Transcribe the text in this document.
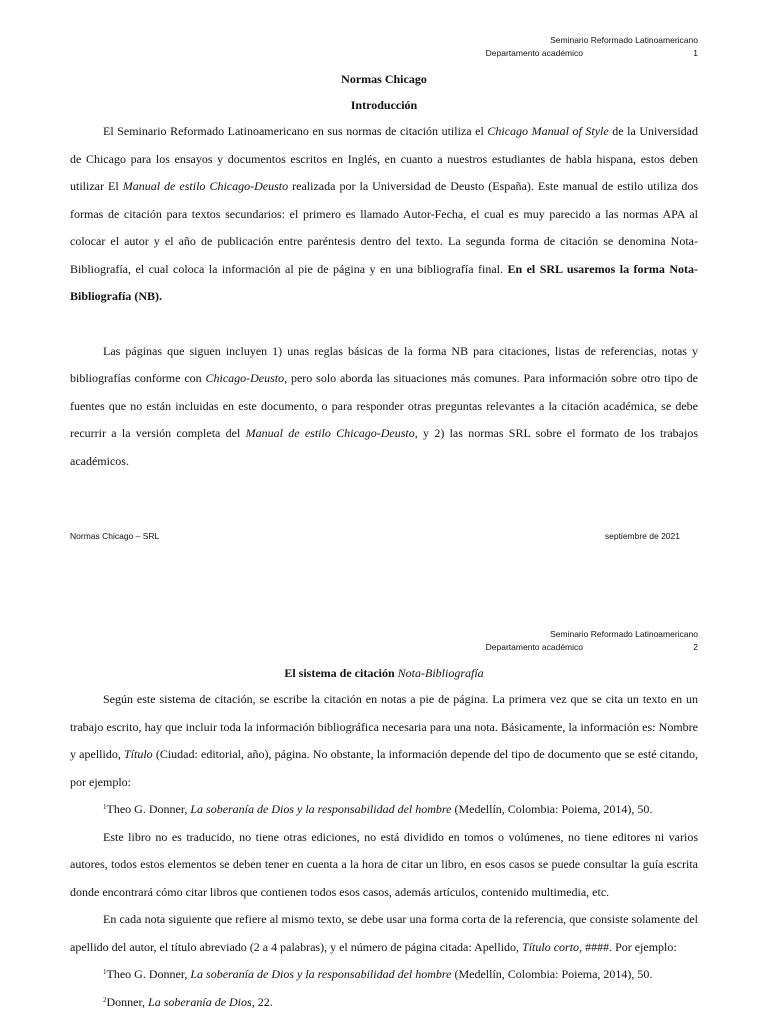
Seminario Reformado Latinoamericano
Departamento académico	1
Normas Chicago
Introducción

El Seminario Reformado Latinoamericano en sus normas de citación utiliza el Chicago Manual of Style de la Universidad de Chicago para los ensayos y documentos escritos en Inglés, en cuanto a nuestros estudiantes de habla hispana, estos deben utilizar El Manual de estilo Chicago-Deusto realizada por la Universidad de Deusto (España). Este manual de estilo utiliza dos formas de citación para textos secundarios: el primero es llamado Autor-Fecha, el cual es muy parecido a las normas APA al colocar el autor y el año de publicación entre paréntesis dentro del texto. La segunda forma de citación se denomina Nota-Bibliografía, el cual coloca la información al pie de página y en una bibliografía final. En el SRL usaremos la forma Nota-Bibliografía (NB).

Las páginas que siguen incluyen 1) unas reglas básicas de la forma NB para citaciones, listas de referencias, notas y bibliografías conforme con Chicago-Deusto, pero solo aborda las situaciones más comunes. Para información sobre otro tipo de fuentes que no están incluidas en este documento, o para responder otras preguntas relevantes a la citación académica, se debe recurrir a la versión completa del Manual de estilo Chicago-Deusto, y 2) las normas SRL sobre el formato de los trabajos académicos.

Normas Chicago – SRL	septiembre de 2021
Seminario Reformado Latinoamericano
Departamento académico	2
El sistema de citación Nota-Bibliografía

Según este sistema de citación, se escribe la citación en notas a pie de página. La primera vez que se cita un texto en un trabajo escrito, hay que incluir toda la información bibliográfica necesaria para una nota. Básicamente, la información es: Nombre y apellido, Título (Ciudad: editorial, año), página. No obstante, la información depende del tipo de documento que se esté citando, por ejemplo:

$^1$Theo G. Donner, La soberanía de Dios y la responsabilidad del hombre (Medellín, Colombia: Poiema, 2014), 50.

Este libro no es traducido, no tiene otras ediciones, no está dividido en tomos o volúmenes, no tiene editores ni varios autores, todos estos elementos se deben tener en cuenta a la hora de citar un libro, en esos casos se puede consultar la guía escrita donde encontrará cómo citar libros que contienen todos esos casos, además artículos, contenido multimedia, etc.

En cada nota siguiente que refiere al mismo texto, se debe usar una forma corta de la referencia, que consiste solamente del apellido del autor, el título abreviado (2 a 4 palabras), y el número de página citada: Apellido, Título corto, ####. Por ejemplo:

$^1$Theo G. Donner, La soberanía de Dios y la responsabilidad del hombre (Medellín, Colombia: Poiema, 2014), 50.

$^2$Donner, La soberanía de Dios, 22.
